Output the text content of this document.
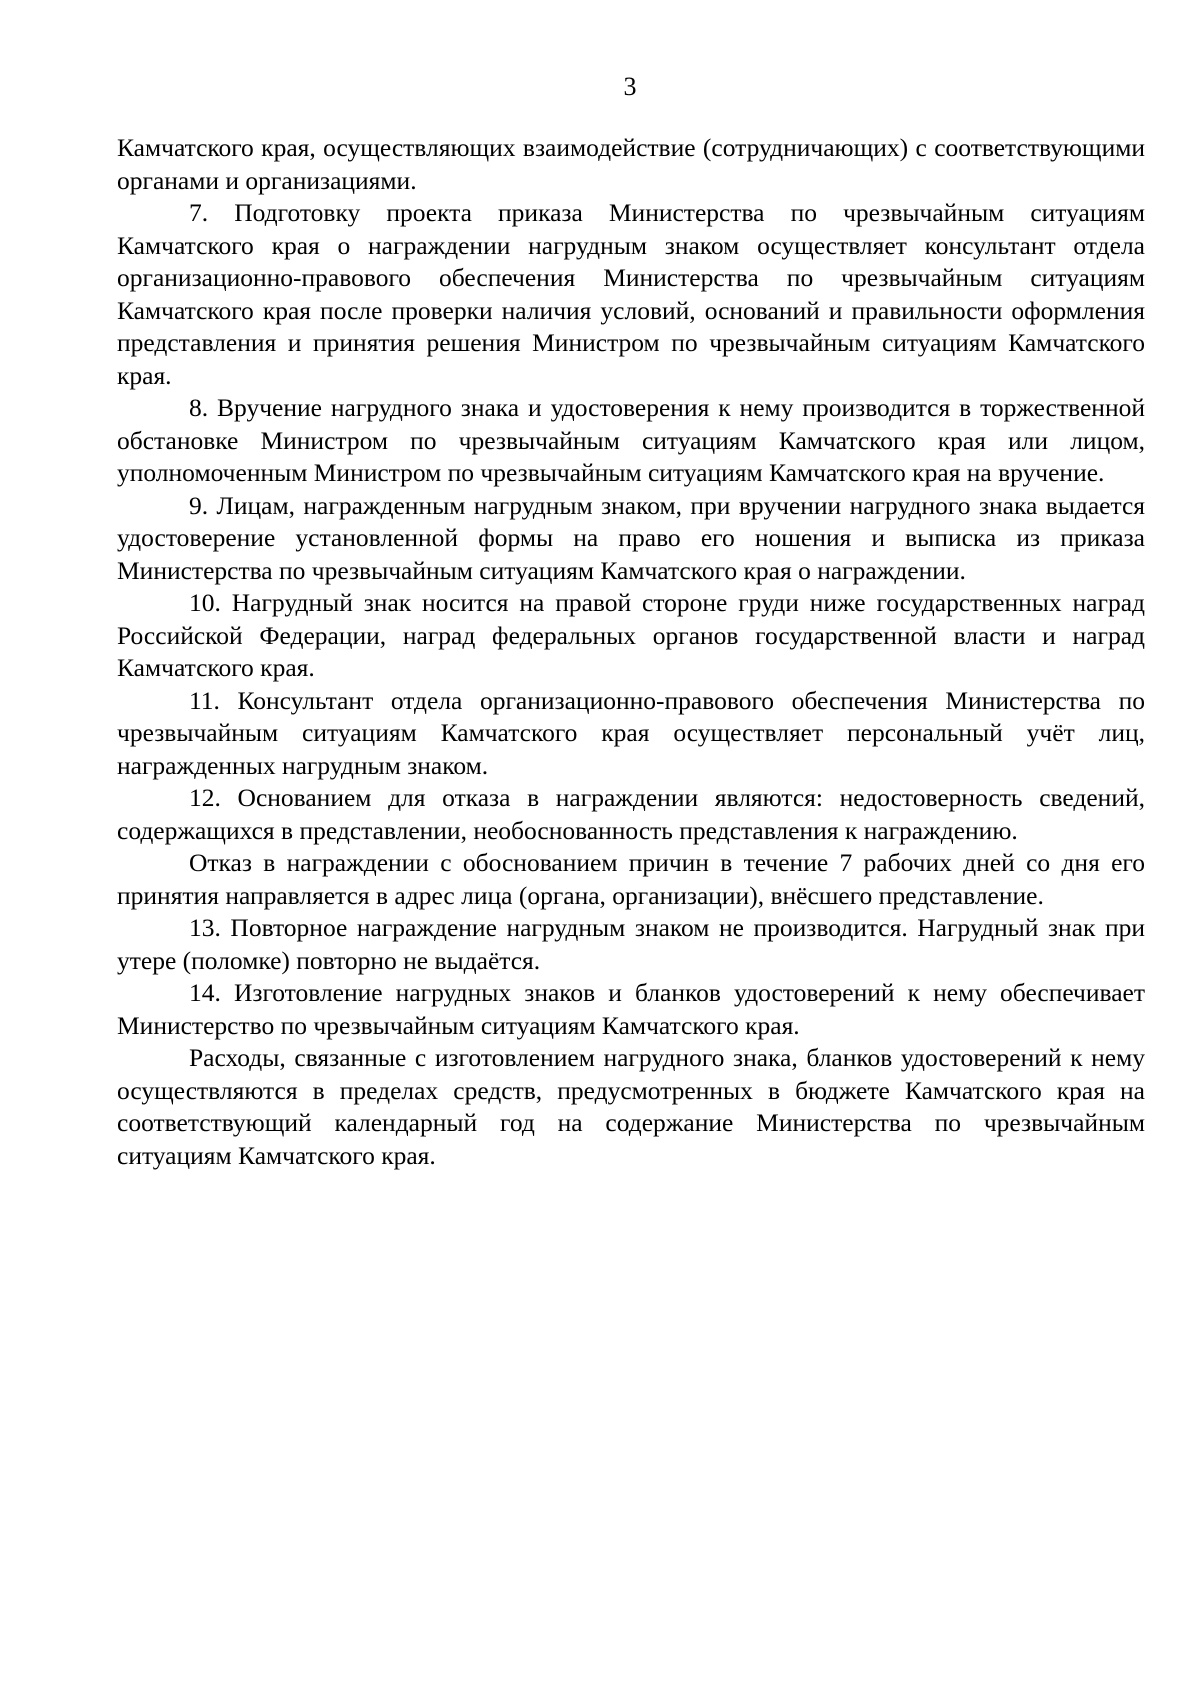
3

Камчатского края, осуществляющих взаимодействие (сотрудничающих) с соответствующими органами и организациями.

7. Подготовку проекта приказа Министерства по чрезвычайным ситуациям Камчатского края о награждении нагрудным знаком осуществляет консультант отдела организационно-правового обеспечения Министерства по чрезвычайным ситуациям Камчатского края после проверки наличия условий, оснований и правильности оформления представления и принятия решения Министром по чрезвычайным ситуациям Камчатского края.

8. Вручение нагрудного знака и удостоверения к нему производится в торжественной обстановке Министром по чрезвычайным ситуациям Камчатского края или лицом, уполномоченным Министром по чрезвычайным ситуациям Камчатского края на вручение.

9. Лицам, награжденным нагрудным знаком, при вручении нагрудного знака выдается удостоверение установленной формы на право его ношения и выписка из приказа Министерства по чрезвычайным ситуациям Камчатского края о награждении.

10. Нагрудный знак носится на правой стороне груди ниже государственных наград Российской Федерации, наград федеральных органов государственной власти и наград Камчатского края.

11. Консультант отдела организационно-правового обеспечения Министерства по чрезвычайным ситуациям Камчатского края осуществляет персональный учёт лиц, награжденных нагрудным знаком.

12. Основанием для отказа в награждении являются: недостоверность сведений, содержащихся в представлении, необоснованность представления к награждению.

Отказ в награждении с обоснованием причин в течение 7 рабочих дней со дня его принятия направляется в адрес лица (органа, организации), внёсшего представление.

13. Повторное награждение нагрудным знаком не производится. Нагрудный знак при утере (поломке) повторно не выдаётся.

14. Изготовление нагрудных знаков и бланков удостоверений к нему обеспечивает Министерство по чрезвычайным ситуациям Камчатского края.

Расходы, связанные с изготовлением нагрудного знака, бланков удостоверений к нему осуществляются в пределах средств, предусмотренных в бюджете Камчатского края на соответствующий календарный год на содержание Министерства по чрезвычайным ситуациям Камчатского края.
